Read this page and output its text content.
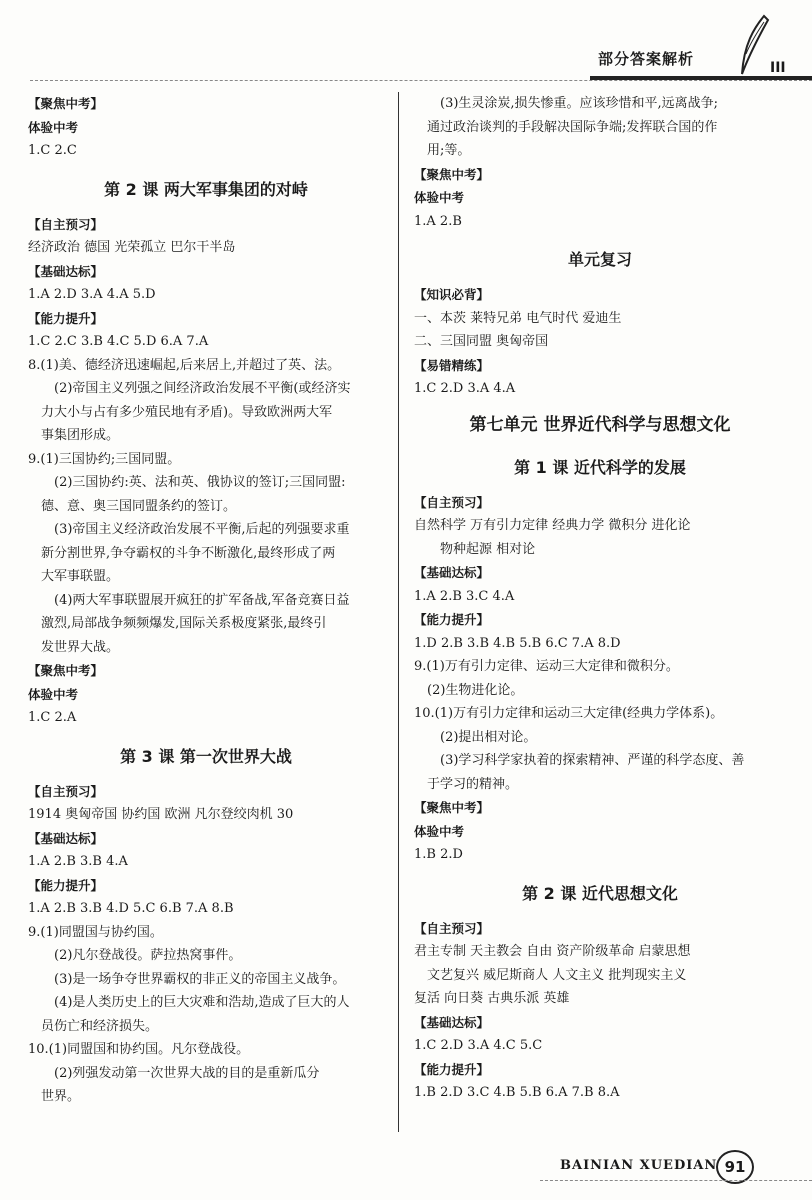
部分答案解析	III
【聚焦中考】
体验中考
1.C 2.C
第 2 课 两大军事集团的对峙
【自主预习】
经济政治 德国 光荣孤立 巴尔干半岛
【基础达标】
1.A 2.D 3.A 4.A 5.D
【能力提升】
1.C 2.C 3.B 4.C 5.D 6.A 7.A
8.(1)美、德经济迅速崛起,后来居上,并超过了英、法。
(2)帝国主义列强之间经济政治发展不平衡(或经济实
力大小与占有多少殖民地有矛盾)。导致欧洲两大军
事集团形成。
9.(1)三国协约;三国同盟。
(2)三国协约:英、法和英、俄协议的签订;三国同盟:
德、意、奥三国同盟条约的签订。
(3)帝国主义经济政治发展不平衡,后起的列强要求重
新分割世界,争夺霸权的斗争不断激化,最终形成了两
大军事联盟。
(4)两大军事联盟展开疯狂的扩军备战,军备竞赛日益
激烈,局部战争频频爆发,国际关系极度紧张,最终引
发世界大战。
【聚焦中考】
体验中考
1.C 2.A
第 3 课 第一次世界大战
【自主预习】
1914 奥匈帝国 协约国 欧洲 凡尔登绞肉机 30
【基础达标】
1.A 2.B 3.B 4.A
【能力提升】
1.A 2.B 3.B 4.D 5.C 6.B 7.A 8.B
9.(1)同盟国与协约国。
(2)凡尔登战役。萨拉热窝事件。
(3)是一场争夺世界霸权的非正义的帝国主义战争。
(4)是人类历史上的巨大灾难和浩劫,造成了巨大的人
员伤亡和经济损失。
10.(1)同盟国和协约国。凡尔登战役。
(2)列强发动第一次世界大战的目的是重新瓜分
世界。
(3)生灵涂炭,损失惨重。应该珍惜和平,远离战争;
通过政治谈判的手段解决国际争端;发挥联合国的作
用;等。
【聚焦中考】
体验中考
1.A 2.B
单元复习
【知识必背】
一、本茨 莱特兄弟 电气时代 爱迪生
二、三国同盟 奥匈帝国
【易错精练】
1.C 2.D 3.A 4.A
第七单元 世界近代科学与思想文化
第 1 课 近代科学的发展
【自主预习】
自然科学 万有引力定律 经典力学 微积分 进化论
物种起源 相对论
【基础达标】
1.A 2.B 3.C 4.A
【能力提升】
1.D 2.B 3.B 4.B 5.B 6.C 7.A 8.D
9.(1)万有引力定律、运动三大定律和微积分。
(2)生物进化论。
10.(1)万有引力定律和运动三大定律(经典力学体系)。
(2)提出相对论。
(3)学习科学家执着的探索精神、严谨的科学态度、善
于学习的精神。
【聚焦中考】
体验中考
1.B 2.D
第 2 课 近代思想文化
【自主预习】
君主专制 天主教会 自由 资产阶级革命 启蒙思想
文艺复兴 威尼斯商人 人文主义 批判现实主义
复活 向日葵 古典乐派 英雄
【基础达标】
1.C 2.D 3.A 4.C 5.C
【能力提升】
1.B 2.D 3.C 4.B 5.B 6.A 7.B 8.A
BAINIAN XUEDIAN 91
